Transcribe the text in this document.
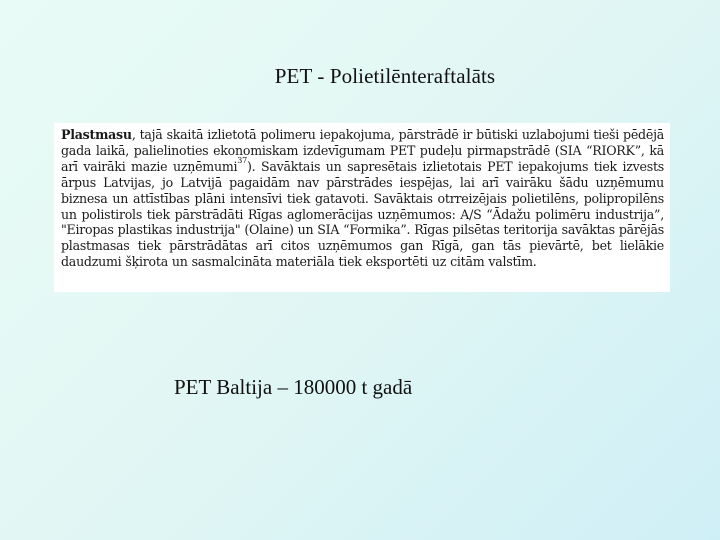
PET - Polietilēnteraftalāts
Plastmasu, tajā skaitā izlietotā polimeru iepakojuma, pārstrādē ir būtiski uzlabojumi tieši pēdējā gada laikā, palielinoties ekonomiskam izdevīgumam PET pudeļu pirmapstrādē (SIA “RIORK”, kā arī vairāki mazie uzņēmumi$^{37}$). Savāktais un sapresētais izlietotais PET iepakojums tiek izvests ārpus Latvijas, jo Latvijā pagaidām nav pārstrādes iespējas, lai arī vairāku šādu uzņēmumu biznesa un attīstības plāni intensīvi tiek gatavoti. Savāktais otrreizējais polietilēns, polipropilēns un polistirols tiek pārstrādāti Rīgas aglomerācijas uzņēmumos: A/S “Ādažu polimēru industrija”, "Eiropas plastikas industrija" (Olaine) un SIA “Formika”. Rīgas pilsētas teritorija savāktas pārējās plastmasas tiek pārstrādātas arī citos uzņēmumos gan Rīgā, gan tās pievārtē, bet lielākie daudzumi šķirota un sasmalcināta materiāla tiek eksportēti uz citām valstīm.
PET Baltija – 180000 t gadā
